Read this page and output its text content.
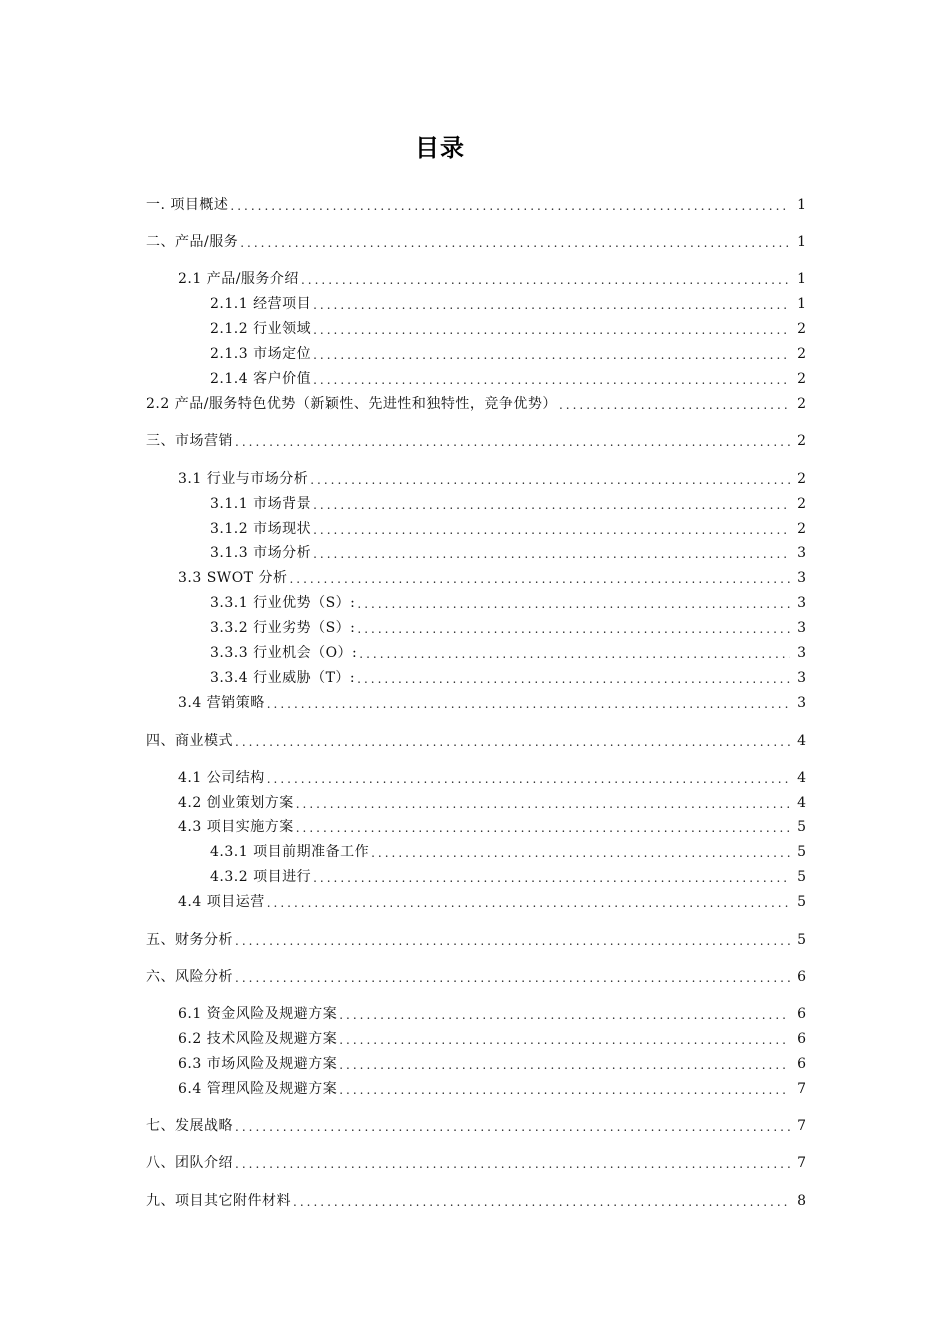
目录
一. 项目概述 .....	1
二、产品/服务 .....	1
2.1 产品/服务介绍 .....	1
2.1.1 经营项目 .....	1
2.1.2 行业领域 .....	2
2.1.3 市场定位 .....	2
2.1.4 客户价值 .....	2
2.2 产品/服务特色优势（新颖性、先进性和独特性，竞争优势） .....	2
三、市场营销 .....	2
3.1 行业与市场分析 .....	2
3.1.1 市场背景 .....	2
3.1.2 市场现状 .....	2
3.1.3 市场分析 .....	3
3.3 SWOT 分析 .....	3
3.3.1 行业优势（S）: .....	3
3.3.2 行业劣势（S）: .....	3
3.3.3 行业机会（O）: .....	3
3.3.4 行业威胁（T）: .....	3
3.4 营销策略 .....	3
四、商业模式 .....	4
4.1 公司结构 .....	4
4.2 创业策划方案 .....	4
4.3 项目实施方案 .....	5
4.3.1 项目前期准备工作 .....	5
4.3.2 项目进行 .....	5
4.4 项目运营 .....	5
五、财务分析 .....	5
六、风险分析 .....	6
6.1 资金风险及规避方案 .....	6
6.2 技术风险及规避方案 .....	6
6.3 市场风险及规避方案 .....	6
6.4 管理风险及规避方案 .....	7
七、发展战略 .....	7
八、团队介绍 .....	7
九、项目其它附件材料 .....	8
